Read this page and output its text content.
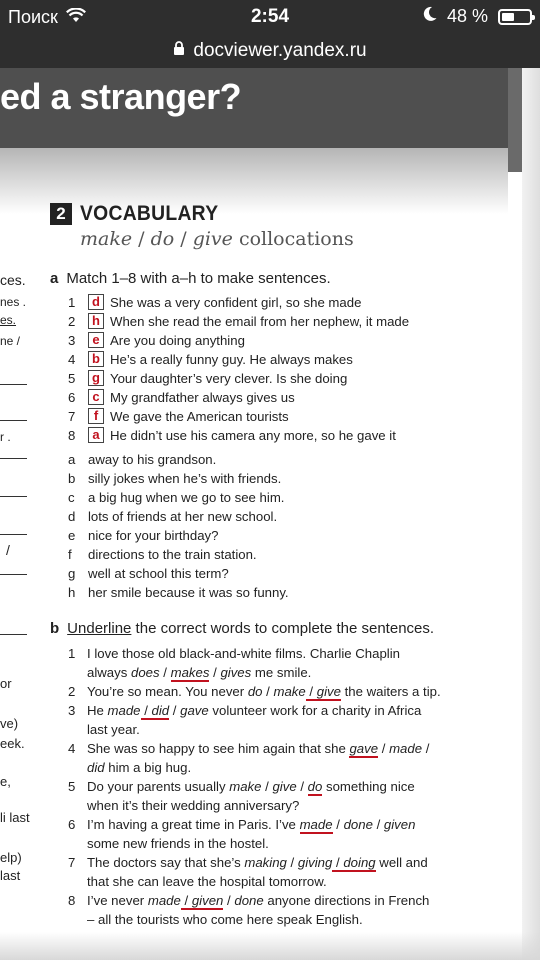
Поиск	2:54	48 %
docviewer.yandex.ru
ed a stranger?
ces.
nes .
es.
ne /
r .
/
or
ve)
eek.
e,
li last
elp)
last
2 VOCABULARY
make / do / give collocations
a Match 1–8 with a–h to make sentences.
1	d She was a very confident girl, so she made
2	h When she read the email from her nephew, it made
3	e Are you doing anything
4	b He’s a really funny guy. He always makes
5	g Your daughter’s very clever. Is she doing
6	c My grandfather always gives us
7	f We gave the American tourists
8	a He didn’t use his camera any more, so he gave it
a away to his grandson.
b silly jokes when he’s with friends.
c	a big hug when we go to see him.
d lots of friends at her new school.
e nice for your birthday?
f	directions to the train station.
g well at school this term?
h her smile because it was so funny.
b Underline the correct words to complete the sentences.
1 I love those old black-and-white films. Charlie Chaplin
always does / makes / gives me smile.
2 You’re so mean. You never do / make / give the waiters a tip.
3 He made / did / gave volunteer work for a charity in Africa
last year.
4 She was so happy to see him again that she gave / made /
did him a big hug.
5 Do your parents usually make / give / do something nice
when it’s their wedding anniversary?
6 I’m having a great time in Paris. I’ve made / done / given
some new friends in the hostel.
7 The doctors say that she’s making / giving / doing well and
that she can leave the hospital tomorrow.
8 I’ve never made / given / done anyone directions in French
– all the tourists who come here speak English.
